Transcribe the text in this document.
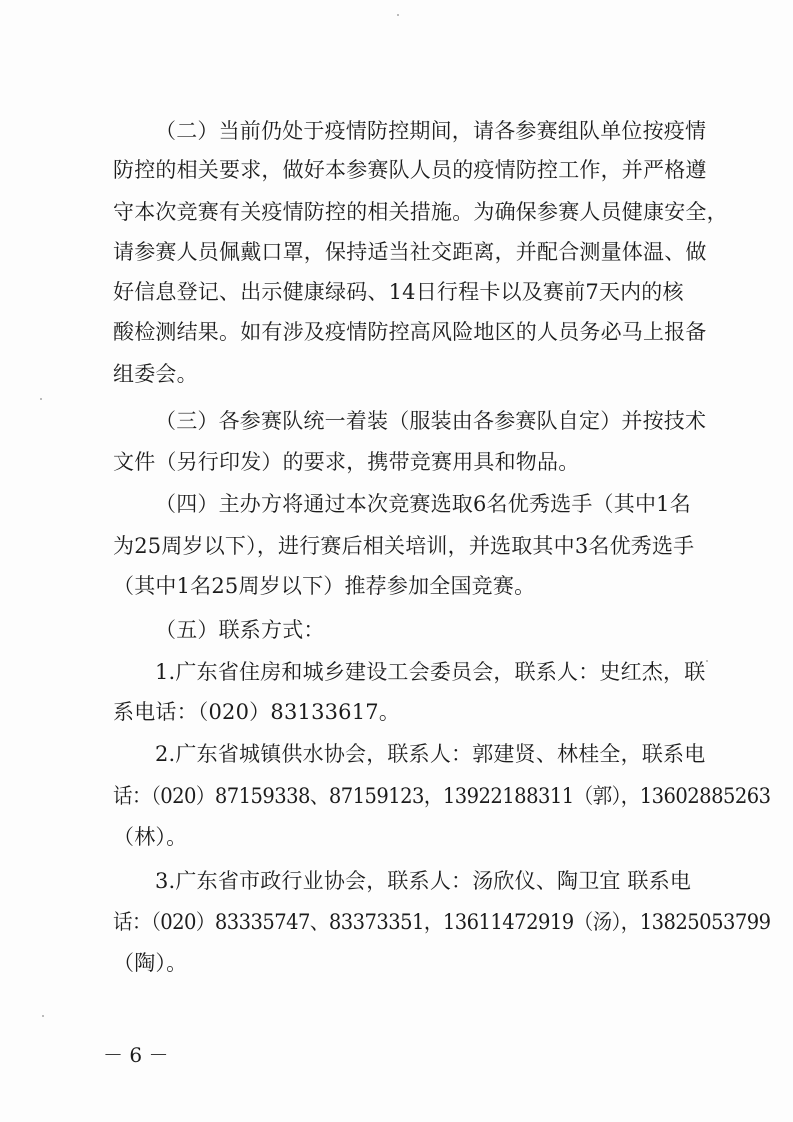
（二）当前仍处于疫情防控期间，请各参赛组队单位按疫情
防控的相关要求，做好本参赛队人员的疫情防控工作，并严格遵
守本次竞赛有关疫情防控的相关措施。为确保参赛人员健康安全，
请参赛人员佩戴口罩，保持适当社交距离，并配合测量体温、做
好信息登记、出示健康绿码、14日行程卡以及赛前7天内的核
酸检测结果。如有涉及疫情防控高风险地区的人员务必马上报备
组委会。
（三）各参赛队统一着装（服装由各参赛队自定）并按技术
文件（另行印发）的要求，携带竞赛用具和物品。
（四）主办方将通过本次竞赛选取6名优秀选手（其中1名
为25周岁以下），进行赛后相关培训，并选取其中3名优秀选手
（其中1名25周岁以下）推荐参加全国竞赛。
（五）联系方式：
1.广东省住房和城乡建设工会委员会，联系人：史红杰，联
系电话：（020）83133617。
2.广东省城镇供水协会，联系人：郭建贤、林桂全，联系电
话：（020）87159338、87159123，13922188311（郭），13602885263
（林）。
3.广东省市政行业协会，联系人：汤欣仪、陶卫宜 联系电
话：（020）83335747、83373351，13611472919（汤），13825053799
（陶）。
－ 6 －
